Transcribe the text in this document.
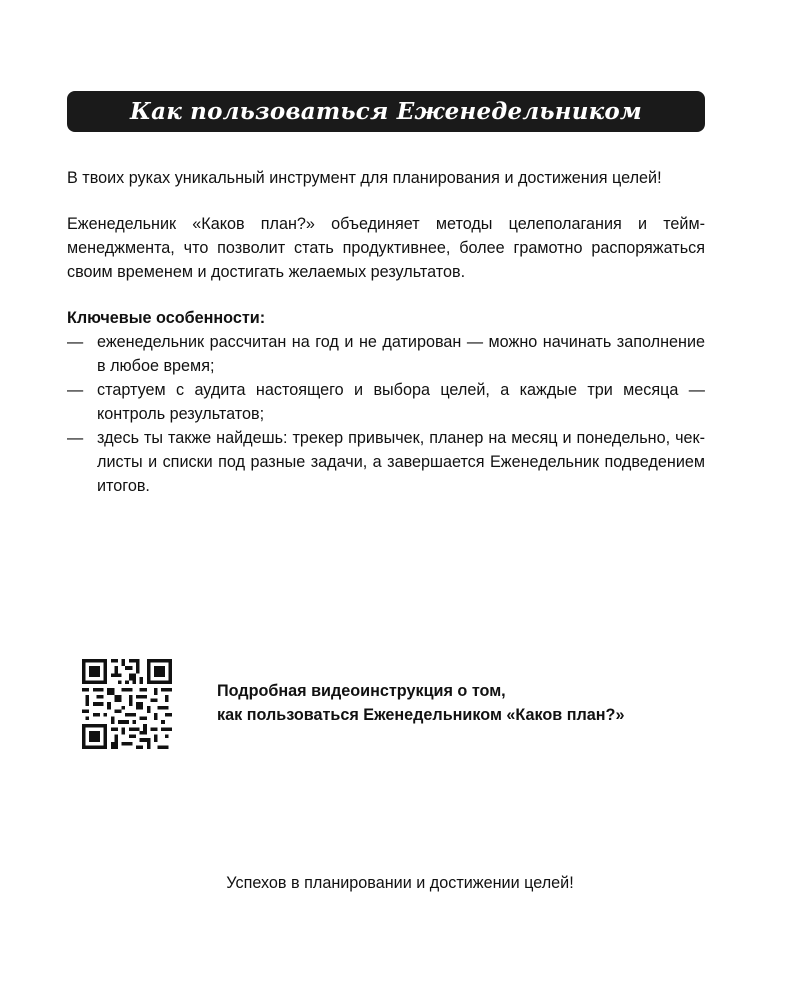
Как пользоваться Еженедельником

В твоих руках уникальный инструмент для планирования и достижения целей!

Еженедельник «Каков план?» объединяет методы целеполагания и тейм-менеджмента, что позволит стать продуктивнее, более грамотно распоряжаться своим временем и достигать желаемых результатов.

Ключевые особенности:
— еженедельник рассчитан на год и не датирован — можно начинать заполнение в любое время;
— стартуем с аудита настоящего и выбора целей, а каждые три месяца — контроль результатов;
— здесь ты также найдешь: трекер привычек, планер на месяц и понедельно, чек-листы и списки под разные задачи, а завершается Еженедельник подведением итогов.
Подробная видеоинструкция о том,
как пользоваться Еженедельником «Каков план?»
Успехов в планировании и достижении целей!
